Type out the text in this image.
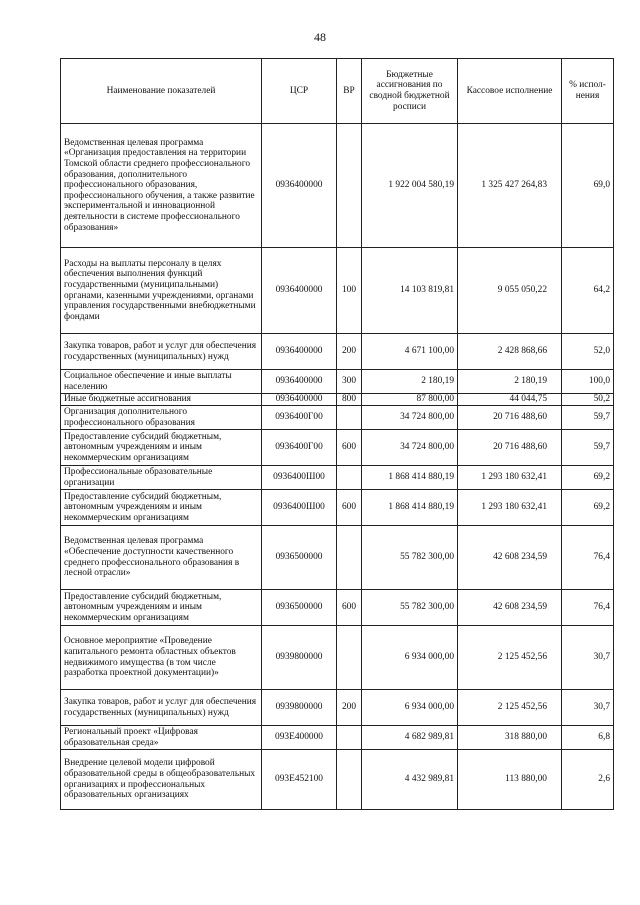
48
Наименование показателей	ЦСР	ВР	Бюджетные ассигнования по сводной бюджетной росписи	Кассовое исполнение	% испол-нения
Ведомственная целевая программа «Организация предоставления на территории Томской области среднего профессионального образования, дополнительного профессионального образования, профессионального обучения, а также развитие экспериментальной и инновационной деятельности в системе профессионального образования»	0936400000		1 922 004 580,19	1 325 427 264,83	69,0
Расходы на выплаты персоналу в целях обеспечения выполнения функций государственными (муниципальными) органами, казенными учреждениями, органами управления государственными внебюджетными фондами	0936400000	100	14 103 819,81	9 055 050,22	64,2
Закупка товаров, работ и услуг для обеспечения государственных (муниципальных) нужд	0936400000	200	4 671 100,00	2 428 868,66	52,0
Социальное обеспечение и иные выплаты населению	0936400000	300	2 180,19	2 180,19	100,0
Иные бюджетные ассигнования	0936400000	800	87 800,00	44 044,75	50,2
Организация дополнительного профессионального образования	0936400Г00		34 724 800,00	20 716 488,60	59,7
Предоставление субсидий бюджетным, автономным учреждениям и иным некоммерческим организациям	0936400Г00	600	34 724 800,00	20 716 488,60	59,7
Профессиональные образовательные организации	0936400Ш00		1 868 414 880,19	1 293 180 632,41	69,2
Предоставление субсидий бюджетным, автономным учреждениям и иным некоммерческим организациям	0936400Ш00	600	1 868 414 880,19	1 293 180 632,41	69,2
Ведомственная целевая программа «Обеспечение доступности качественного среднего профессионального образования в лесной отрасли»	0936500000		55 782 300,00	42 608 234,59	76,4
Предоставление субсидий бюджетным, автономным учреждениям и иным некоммерческим организациям	0936500000	600	55 782 300,00	42 608 234,59	76,4
Основное мероприятие «Проведение капитального ремонта областных объектов недвижимого имущества (в том числе разработка проектной документации)»	0939800000		6 934 000,00	2 125 452,56	30,7
Закупка товаров, работ и услуг для обеспечения государственных (муниципальных) нужд	0939800000	200	6 934 000,00	2 125 452,56	30,7
Региональный проект «Цифровая образовательная среда»	093E400000		4 682 989,81	318 880,00	6,8
Внедрение целевой модели цифровой образовательной среды в общеобразовательных организациях и профессиональных образовательных организациях	093E452100		4 432 989,81	113 880,00	2,6
